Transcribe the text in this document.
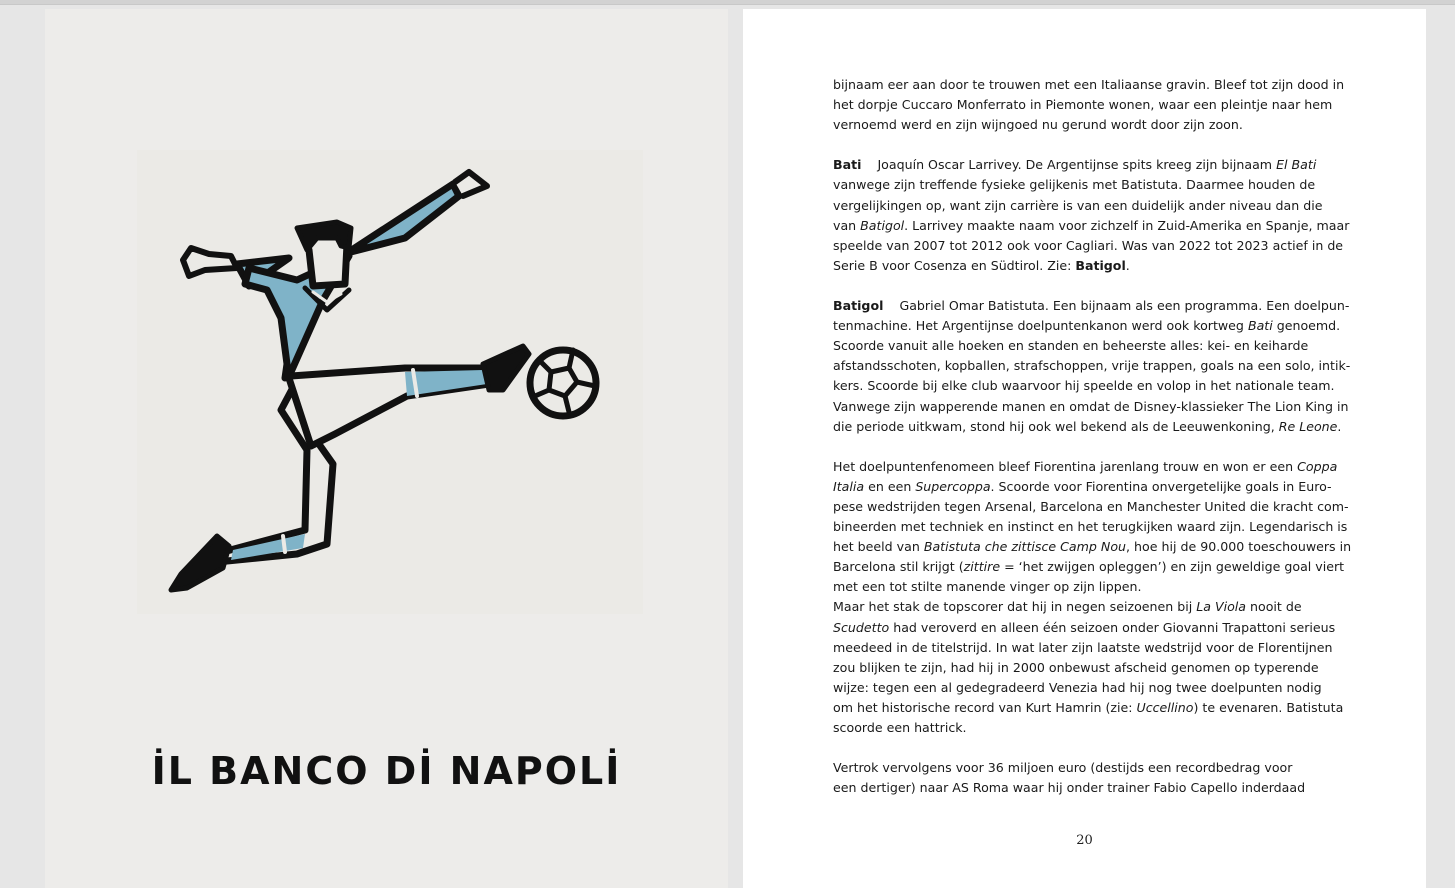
İL BANCO Dİ NAPOLİ

bijnaam eer aan door te trouwen met een Italiaanse gravin. Bleef tot zijn dood in

het dorpje Cuccaro Monferrato in Piemonte wonen, waar een pleintje naar hem

vernoemd werd en zijn wijngoed nu gerund wordt door zijn zoon.

Bati Joaquín Oscar Larrivey. De Argentijnse spits kreeg zijn bijnaam El Bati

vanwege zijn treffende fysieke gelijkenis met Batistuta. Daarmee houden de

vergelijkingen op, want zijn carrière is van een duidelijk ander niveau dan die

van Batigol. Larrivey maakte naam voor zichzelf in Zuid-Amerika en Spanje, maar

speelde van 2007 tot 2012 ook voor Cagliari. Was van 2022 tot 2023 actief in de

Serie B voor Cosenza en Südtirol. Zie: Batigol.

Batigol Gabriel Omar Batistuta. Een bijnaam als een programma. Een doelpun-

tenmachine. Het Argentijnse doelpuntenkanon werd ook kortweg Bati genoemd.

Scoorde vanuit alle hoeken en standen en beheerste alles: kei- en keiharde

afstandsschoten, kopballen, strafschoppen, vrije trappen, goals na een solo, intik-

kers. Scoorde bij elke club waarvoor hij speelde en volop in het nationale team.

Vanwege zijn wapperende manen en omdat de Disney-klassieker The Lion King in

die periode uitkwam, stond hij ook wel bekend als de Leeuwenkoning, Re Leone.

Het doelpuntenfenomeen bleef Fiorentina jarenlang trouw en won er een Coppa

Italia en een Supercoppa. Scoorde voor Fiorentina onvergetelijke goals in Euro-

pese wedstrijden tegen Arsenal, Barcelona en Manchester United die kracht com-

bineerden met techniek en instinct en het terugkijken waard zijn. Legendarisch is

het beeld van Batistuta che zittisce Camp Nou, hoe hij de 90.000 toeschouwers in

Barcelona stil krijgt (zittire = ‘het zwijgen opleggen’) en zijn geweldige goal viert

met een tot stilte manende vinger op zijn lippen.

Maar het stak de topscorer dat hij in negen seizoenen bij La Viola nooit de

Scudetto had veroverd en alleen één seizoen onder Giovanni Trapattoni serieus

meedeed in de titelstrijd. In wat later zijn laatste wedstrijd voor de Florentijnen

zou blijken te zijn, had hij in 2000 onbewust afscheid genomen op typerende

wijze: tegen een al gedegradeerd Venezia had hij nog twee doelpunten nodig

om het historische record van Kurt Hamrin (zie: Uccellino) te evenaren. Batistuta

scoorde een hattrick.

Vertrok vervolgens voor 36 miljoen euro (destijds een recordbedrag voor

een dertiger) naar AS Roma waar hij onder trainer Fabio Capello inderdaad

20
